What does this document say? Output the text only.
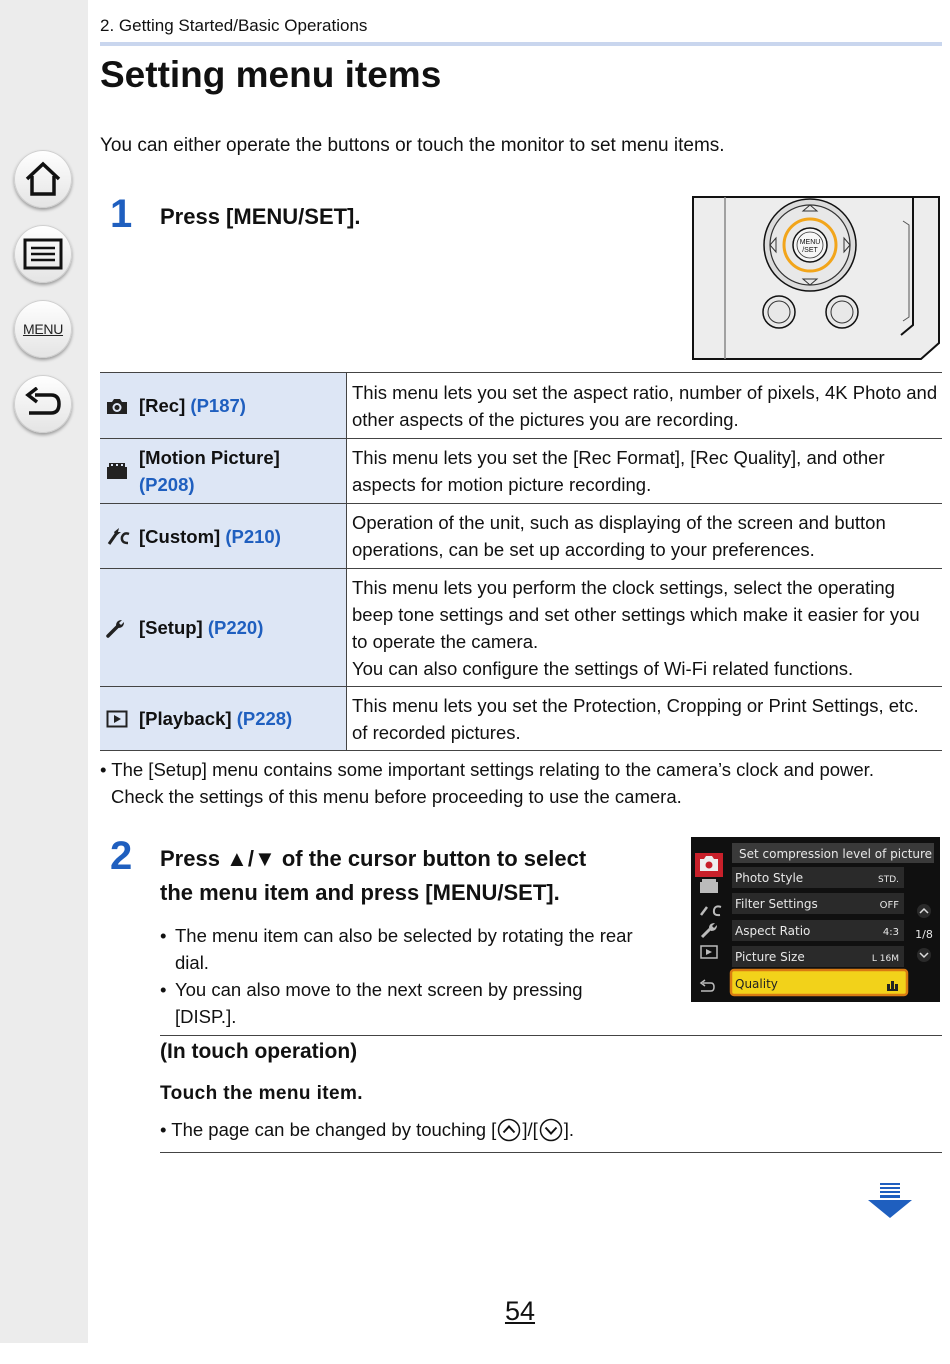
MENU
2. Getting Started/Basic Operations
Setting menu items

You can either operate the buttons or touch the monitor to set menu items.

1 Press [MENU/SET].

MENU
/SET
[Rec] (P187)	This menu lets you set the aspect ratio, number of pixels, 4K Photo and other aspects of the pictures you are recording.

[Motion Picture]
(P208)	This menu lets you set the [Rec Format], [Rec Quality], and other aspects for motion picture recording.

[Custom] (P210)	Operation of the unit, such as displaying of the screen and button operations, can be set up according to your preferences.

[Setup] (P220)	This menu lets you perform the clock settings, select the operating beep tone settings and set other settings which make it easier for you to operate the camera.
You can also configure the settings of Wi-Fi related functions.

[Playback] (P228)	This menu lets you set the Protection, Cropping or Print Settings, etc. of recorded pictures.

• The [Setup] menu contains some important settings relating to the camera’s clock and power.
Check the settings of this menu before proceeding to use the camera.

2 Press ▲/▼ of the cursor button to select
the menu item and press [MENU/SET].

• The menu item can also be selected by rotating the rear dial.
• You can also move to the next screen by pressing [DISP.].
Set compression level of picture
Photo Style	STD.
Filter Settings	OFF
Aspect Ratio	4:3
Picture Size	L 16M
Quality
1/8

(In touch operation)

Touch the menu item.

• The page can be changed by touching [ ]/[ ].

54
